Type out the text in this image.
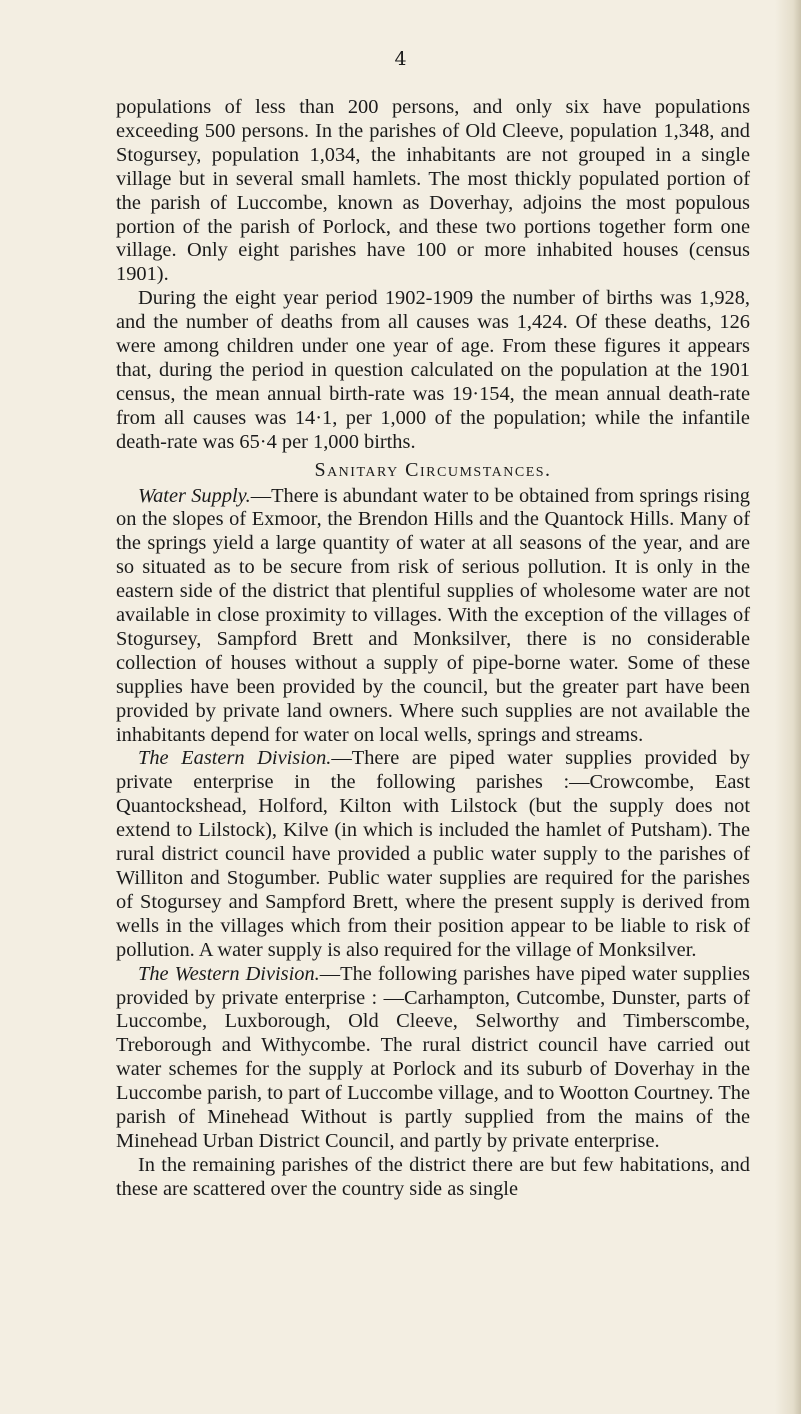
4

populations of less than 200 persons, and only six have populations exceeding 500 persons. In the parishes of Old Cleeve, population 1,348, and Stogursey, population 1,034, the inhabitants are not grouped in a single village but in several small hamlets. The most thickly populated portion of the parish of Luccombe, known as Doverhay, adjoins the most populous portion of the parish of Porlock, and these two portions together form one village. Only eight parishes have 100 or more inhabited houses (census 1901).

During the eight year period 1902-1909 the number of births was 1,928, and the number of deaths from all causes was 1,424. Of these deaths, 126 were among children under one year of age. From these figures it appears that, during the period in question calculated on the population at the 1901 census, the mean annual birth-rate was 19·154, the mean annual death-rate from all causes was 14·1, per 1,000 of the population; while the infantile death-rate was 65·4 per 1,000 births.

Sanitary Circumstances.

Water Supply.—There is abundant water to be obtained from springs rising on the slopes of Exmoor, the Brendon Hills and the Quantock Hills. Many of the springs yield a large quantity of water at all seasons of the year, and are so situated as to be secure from risk of serious pollution. It is only in the eastern side of the district that plentiful supplies of wholesome water are not available in close proximity to villages. With the exception of the villages of Stogursey, Sampford Brett and Monksilver, there is no considerable collection of houses without a supply of pipe-borne water. Some of these supplies have been provided by the council, but the greater part have been provided by private land owners. Where such supplies are not available the inhabitants depend for water on local wells, springs and streams.

The Eastern Division.—There are piped water supplies provided by private enterprise in the following parishes :—Crowcombe, East Quantockshead, Holford, Kilton with Lilstock (but the supply does not extend to Lilstock), Kilve (in which is included the hamlet of Putsham). The rural district council have provided a public water supply to the parishes of Williton and Stogumber. Public water supplies are required for the parishes of Stogursey and Sampford Brett, where the present supply is derived from wells in the villages which from their position appear to be liable to risk of pollution. A water supply is also required for the village of Monksilver.

The Western Division.—The following parishes have piped water supplies provided by private enterprise : —Carhampton, Cutcombe, Dunster, parts of Luccombe, Luxborough, Old Cleeve, Selworthy and Timberscombe, Treborough and Withycombe. The rural district council have carried out water schemes for the supply at Porlock and its suburb of Doverhay in the Luccombe parish, to part of Luccombe village, and to Wootton Courtney. The parish of Minehead Without is partly supplied from the mains of the Minehead Urban District Council, and partly by private enterprise.

In the remaining parishes of the district there are but few habitations, and these are scattered over the country side as single
